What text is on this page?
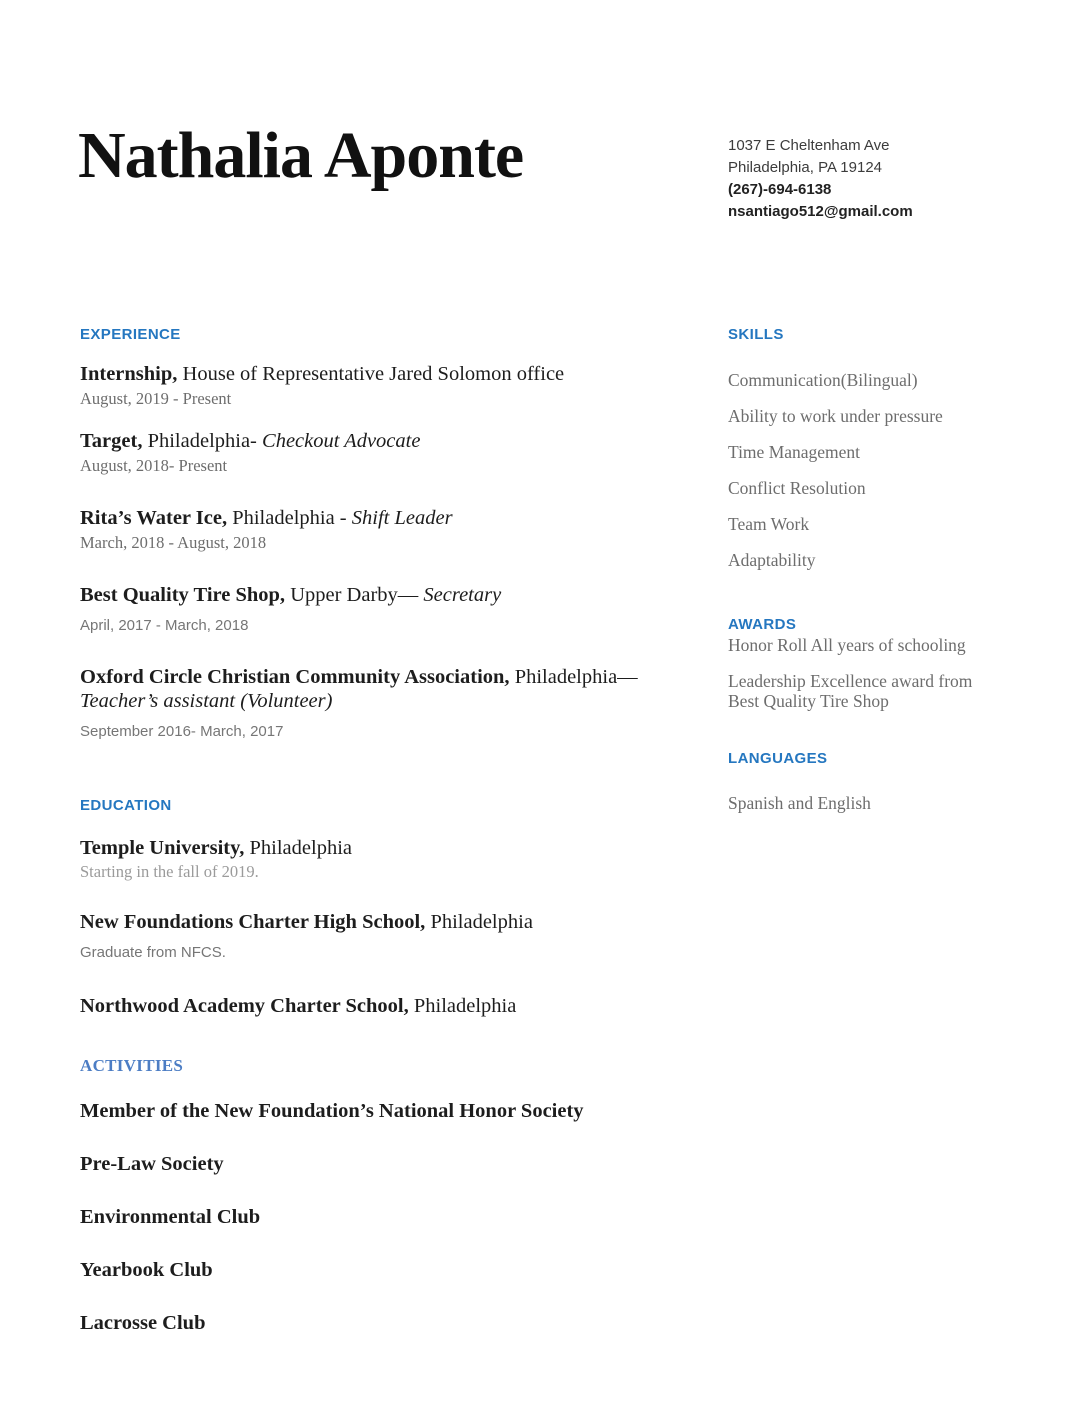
Nathalia Aponte	1037 E Cheltenham Ave
Philadelphia, PA 19124
(267)-694-6138
nsantiago512@gmail.com
EXPERIENCE
Internship, House of Representative Jared Solomon office
August, 2019 - Present
Target, Philadelphia- Checkout Advocate
August, 2018- Present
Rita’s Water Ice, Philadelphia - Shift Leader
March, 2018 - August, 2018
Best Quality Tire Shop, Upper Darby— Secretary
April, 2017 - March, 2018
Oxford Circle Christian Community Association, Philadelphia— Teacher’s assistant (Volunteer)
September 2016- March, 2017
EDUCATION
Temple University, Philadelphia
Starting in the fall of 2019.
New Foundations Charter High School, Philadelphia
Graduate from NFCS.
Northwood Academy Charter School, Philadelphia
ACTIVITIES
Member of the New Foundation’s National Honor Society
Pre-Law Society
Environmental Club
Yearbook Club
Lacrosse Club
SKILLS
Communication(Bilingual)
Ability to work under pressure
Time Management
Conflict Resolution
Team Work
Adaptability
AWARDS
Honor Roll All years of schooling
Leadership Excellence award from Best Quality Tire Shop
LANGUAGES
Spanish and English
